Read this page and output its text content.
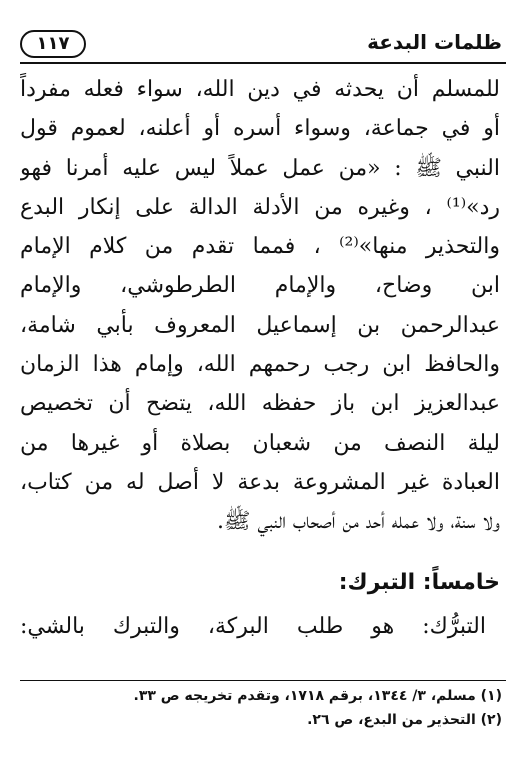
ظلمات البدعة
١١٧
للمسلم أن يحدثه في دين الله، سواء فعله مفرداً
أو في جماعة، وسواء أسره أو أعلنه، لعموم قول
النبي ﷺ : «من عمل عملاً ليس عليه أمرنا فهو
رد»⁽¹⁾ ، وغيره من الأدلة الدالة على إنكار البدع
والتحذير منها»⁽²⁾ ، فمما تقدم من كلام الإمام
ابن وضاح، والإمام الطرطوشي، والإمام
عبدالرحمن بن إسماعيل المعروف بأبي شامة،
والحافظ ابن رجب رحمهم الله، وإمام هذا الزمان
عبدالعزيز ابن باز حفظه الله، يتضح أن تخصيص
ليلة النصف من شعبان بصلاة أو غيرها من
العبادة غير المشروعة بدعة لا أصل له من كتاب،
ولا سنة، ولا عمله أحد من أصحاب النبي ﷺ.
خامساً: التبرك:
التبرُّك: هو طلب البركة، والتبرك بالشي:
(١) مسلم، ٣/ ١٣٤٤، برقم ١٧١٨، وتقدم تخريجه ص ٣٣.
(٢) التحذير من البدع، ص ٢٦.
